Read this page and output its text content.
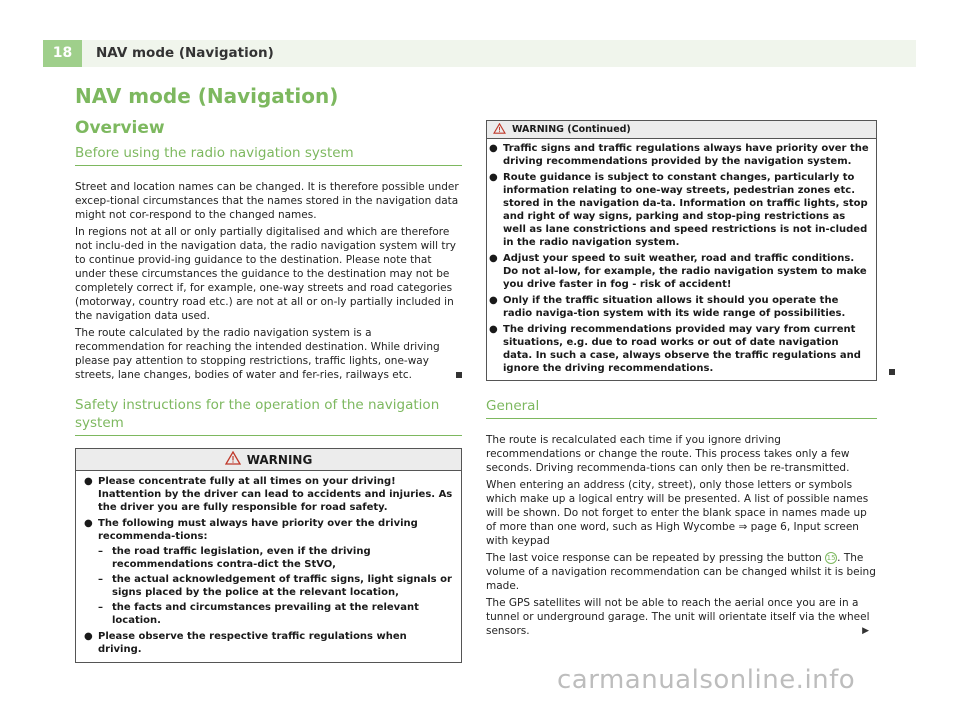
18	NAV mode (Navigation)
NAV mode (Navigation)
Overview
Before using the radio navigation system

Street and location names can be changed. It is therefore possible under excep-tional circumstances that the names stored in the navigation data might not cor-respond to the changed names.

In regions not at all or only partially digitalised and which are therefore not inclu-ded in the navigation data, the radio navigation system will try to continue provid-ing guidance to the destination. Please note that under these circumstances the guidance to the destination may not be completely correct if, for example, one-way streets and road categories (motorway, country road etc.) are not at all or on-ly partially included in the navigation data used.

The route calculated by the radio navigation system is a recommendation for reaching the intended destination. While driving please pay attention to stopping restrictions, traffic lights, one-way streets, lane changes, bodies of water and fer-ries, railways etc.

Safety instructions for the operation of the navigation system
WARNING
● Please concentrate fully at all times on your driving! Inattention by the driver can lead to accidents and injuries. As the driver you are fully responsible for road safety.
● The following must always have priority over the driving recommenda-tions:
– the road traffic legislation, even if the driving recommendations contra-dict the StVO,
– the actual acknowledgement of traffic signs, light signals or signs placed by the police at the relevant location,
– the facts and circumstances prevailing at the relevant location.
● Please observe the respective traffic regulations when driving.
WARNING (Continued)
● Traffic signs and traffic regulations always have priority over the driving recommendations provided by the navigation system.
● Route guidance is subject to constant changes, particularly to information relating to one-way streets, pedestrian zones etc. stored in the navigation da-ta. Information on traffic lights, stop and right of way signs, parking and stop-ping restrictions as well as lane constrictions and speed restrictions is not in-cluded in the radio navigation system.
● Adjust your speed to suit weather, road and traffic conditions. Do not al-low, for example, the radio navigation system to make you drive faster in fog - risk of accident!
● Only if the traffic situation allows it should you operate the radio naviga-tion system with its wide range of possibilities.
● The driving recommendations provided may vary from current situations, e.g. due to road works or out of date navigation data. In such a case, always observe the traffic regulations and ignore the driving recommendations.
General

The route is recalculated each time if you ignore driving recommendations or change the route. This process takes only a few seconds. Driving recommenda-tions can only then be re-transmitted.

When entering an address (city, street), only those letters or symbols which make up a logical entry will be presented. A list of possible names will be shown. Do not forget to enter the blank space in names made up of more than one word, such as High Wycombe ⇒ page 6, Input screen with keypad

The last voice response can be repeated by pressing the button 15 . The volume of a navigation recommendation can be changed whilst it is being made.

The GPS satellites will not be able to reach the aerial once you are in a tunnel or underground garage. The unit will orientate itself via the wheel sensors.	▶

carmanualsonline.info
